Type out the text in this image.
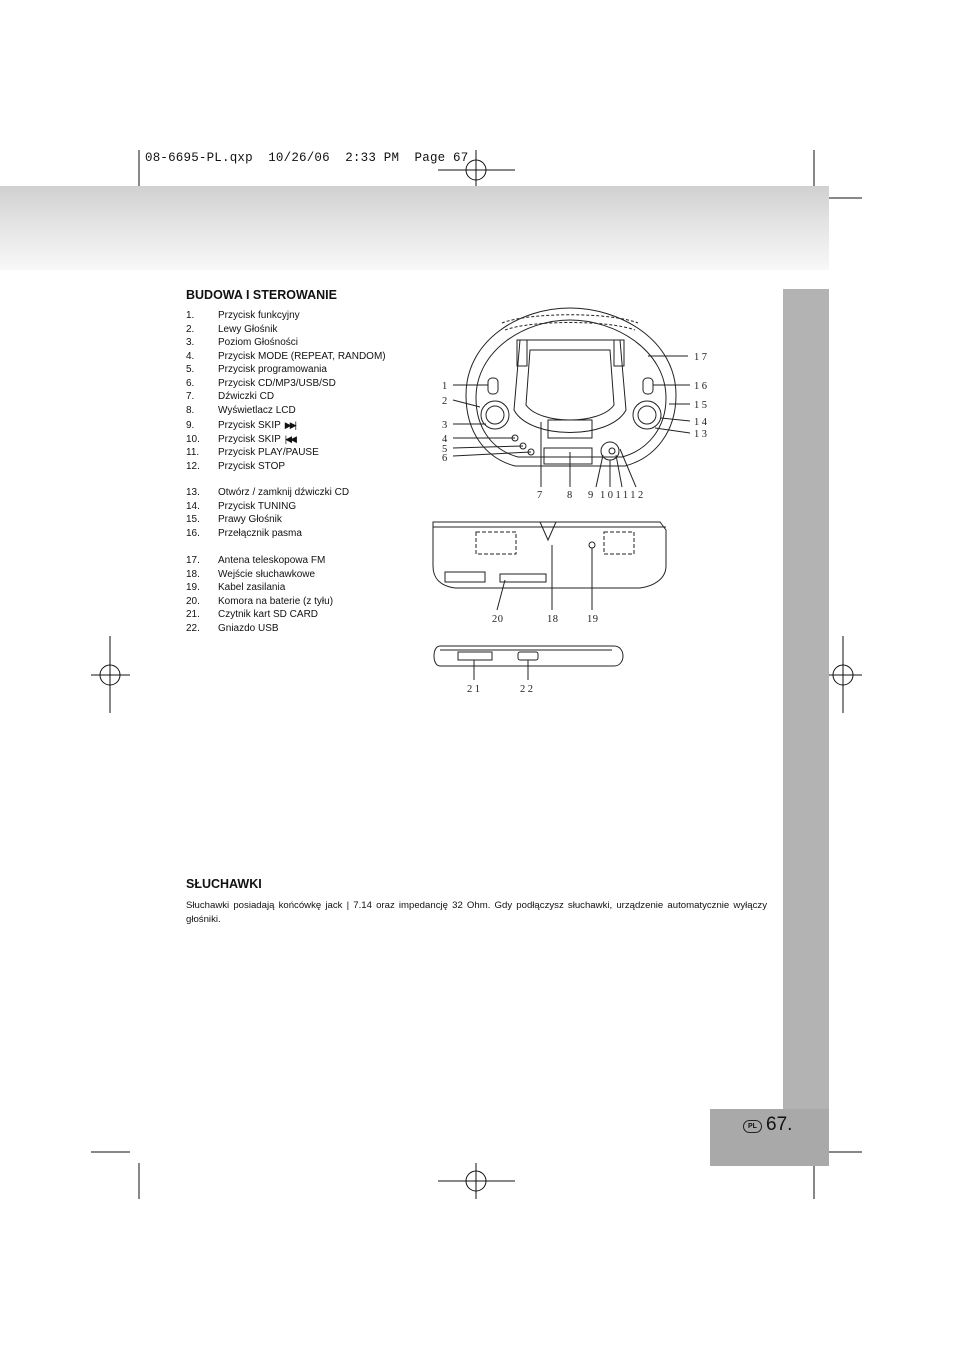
08-6695-PL.qxp  10/26/06  2:33 PM  Page 67
BUDOWA I STEROWANIE
1. Przycisk funkcyjny
2. Lewy Głośnik
3. Poziom Głośności
4. Przycisk MODE (REPEAT, RANDOM)
5. Przycisk programowania
6. Przycisk CD/MP3/USB/SD
7. Dźwiczki CD
8. Wyświetlacz LCD
9. Przycisk SKIP ▶▶|
10. Przycisk SKIP |◀◀
11. Przycisk PLAY/PAUSE
12. Przycisk STOP
13. Otwórz / zamknij dźwiczki CD
14. Przycisk TUNING
15. Prawy Głośnik
16. Przełącznik pasma
17. Antena teleskopowa FM
18. Wejście słuchawkowe
19. Kabel zasilania
20. Komora na baterie (z tyłu)
21. Czytnik kart SD CARD
22. Gniazdo USB
1
2
3
4
5
6
7 8 9 101112
13
14
15
16
17
20	18	19
21	22
SŁUCHAWKI

Słuchawki posiadają końcówkę jack | 7.14 oraz impedancję 32 Ohm. Gdy podłączysz słuchawki, urządzenie automatycznie wyłączy głośniki.

PL 67.
